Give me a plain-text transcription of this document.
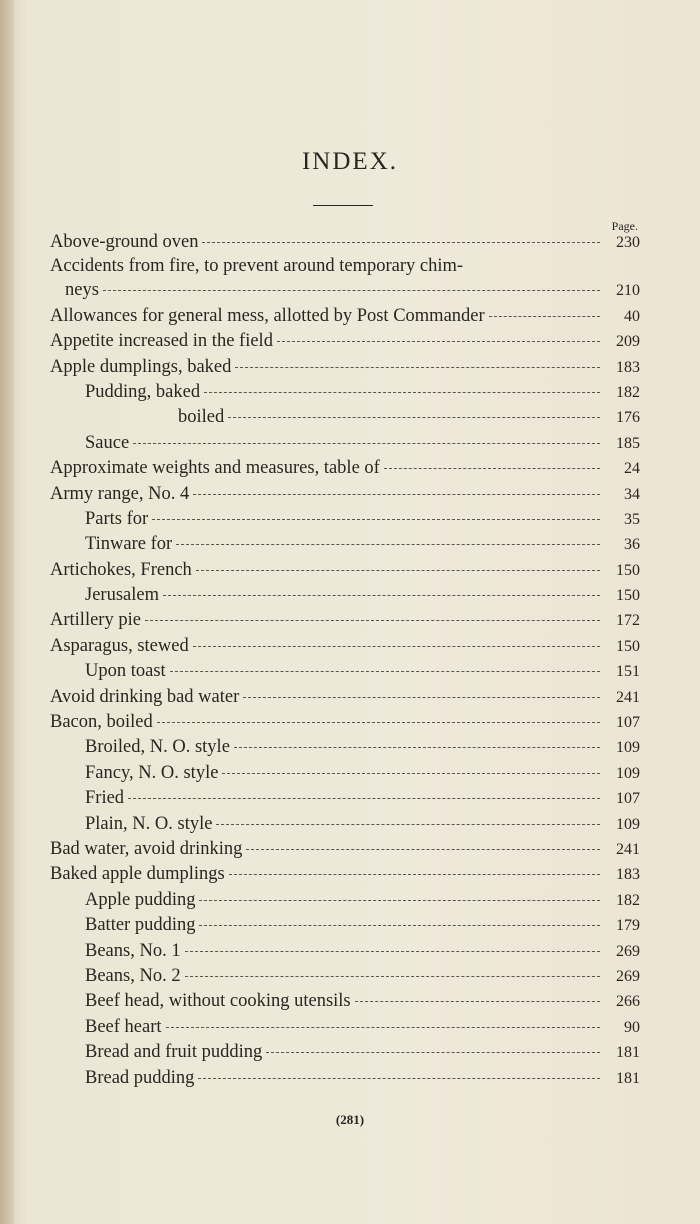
INDEX.
Page.
Above-ground oven	230
Accidents from fire, to prevent around temporary chim-
neys	210
Allowances for general mess, allotted by Post Commander	40
Appetite increased in the field	209
Apple dumplings, baked	183
Pudding, baked	182
boiled	176
Sauce	185
Approximate weights and measures, table of	24
Army range, No. 4	34
Parts for	35
Tinware for	36
Artichokes, French	150
Jerusalem	150
Artillery pie	172
Asparagus, stewed	150
Upon toast	151
Avoid drinking bad water	241
Bacon, boiled	107
Broiled, N. O. style	109
Fancy, N. O. style	109
Fried	107
Plain, N. O. style	109
Bad water, avoid drinking	241
Baked apple dumplings	183
Apple pudding	182
Batter pudding	179
Beans, No. 1	269
Beans, No. 2	269
Beef head, without cooking utensils	266
Beef heart	90
Bread and fruit pudding	181
Bread pudding	181
(281)
